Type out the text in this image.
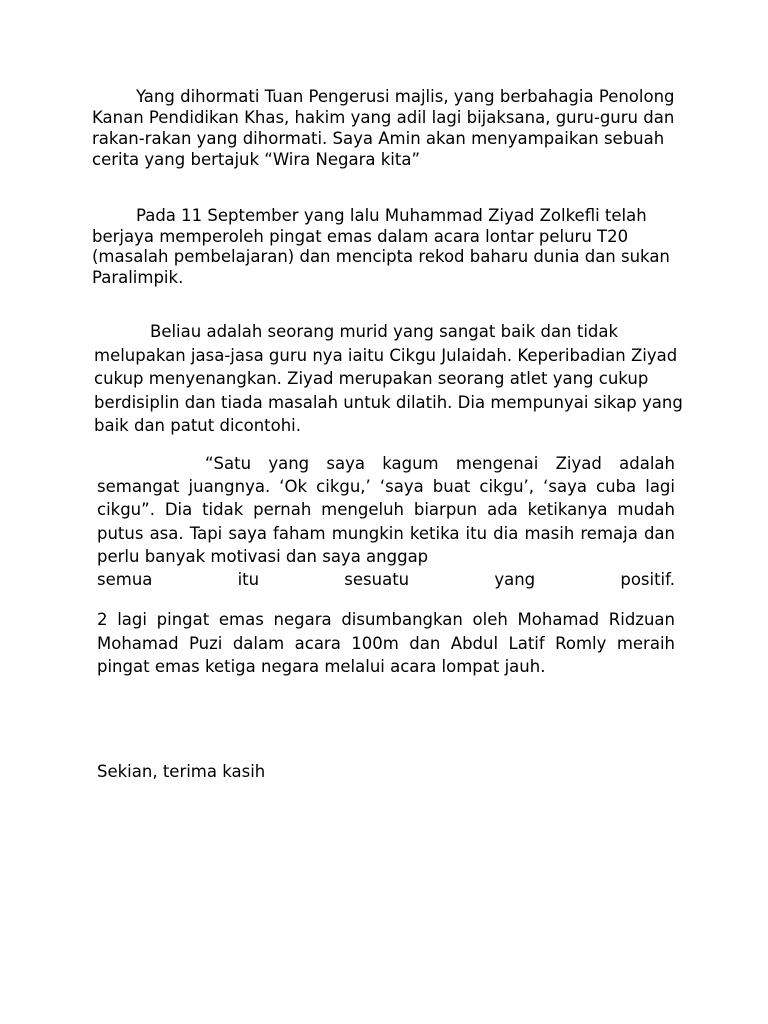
Yang dihormati Tuan Pengerusi majlis, yang berbahagia Penolong Kanan Pendidikan Khas, hakim yang adil lagi bijaksana, guru-guru dan rakan-rakan yang dihormati. Saya Amin akan menyampaikan sebuah cerita yang bertajuk “Wira Negara kita”

Pada 11 September yang lalu Muhammad Ziyad Zolkefli telah berjaya memperoleh pingat emas dalam acara lontar peluru T20 (masalah pembelajaran) dan mencipta rekod baharu dunia dan sukan Paralimpik.

Beliau adalah seorang murid yang sangat baik dan tidak melupakan jasa-jasa guru nya iaitu Cikgu Julaidah. Keperibadian Ziyad cukup menyenangkan. Ziyad merupakan seorang atlet yang cukup berdisiplin dan tiada masalah untuk dilatih. Dia mempunyai sikap yang baik dan patut dicontohi.

“Satu yang saya kagum mengenai Ziyad adalah semangat juangnya. ‘Ok cikgu,’ ‘saya buat cikgu’, ‘saya cuba lagi cikgu”. Dia tidak pernah mengeluh biarpun ada ketikanya mudah putus asa. Tapi saya faham mungkin ketika itu dia masih remaja dan perlu banyak motivasi dan saya anggap
semua itu sesuatu yang positif.

2 lagi pingat emas negara disumbangkan oleh Mohamad Ridzuan Mohamad Puzi dalam acara 100m dan Abdul Latif Romly meraih pingat emas ketiga negara melalui acara lompat jauh.

Sekian, terima kasih
